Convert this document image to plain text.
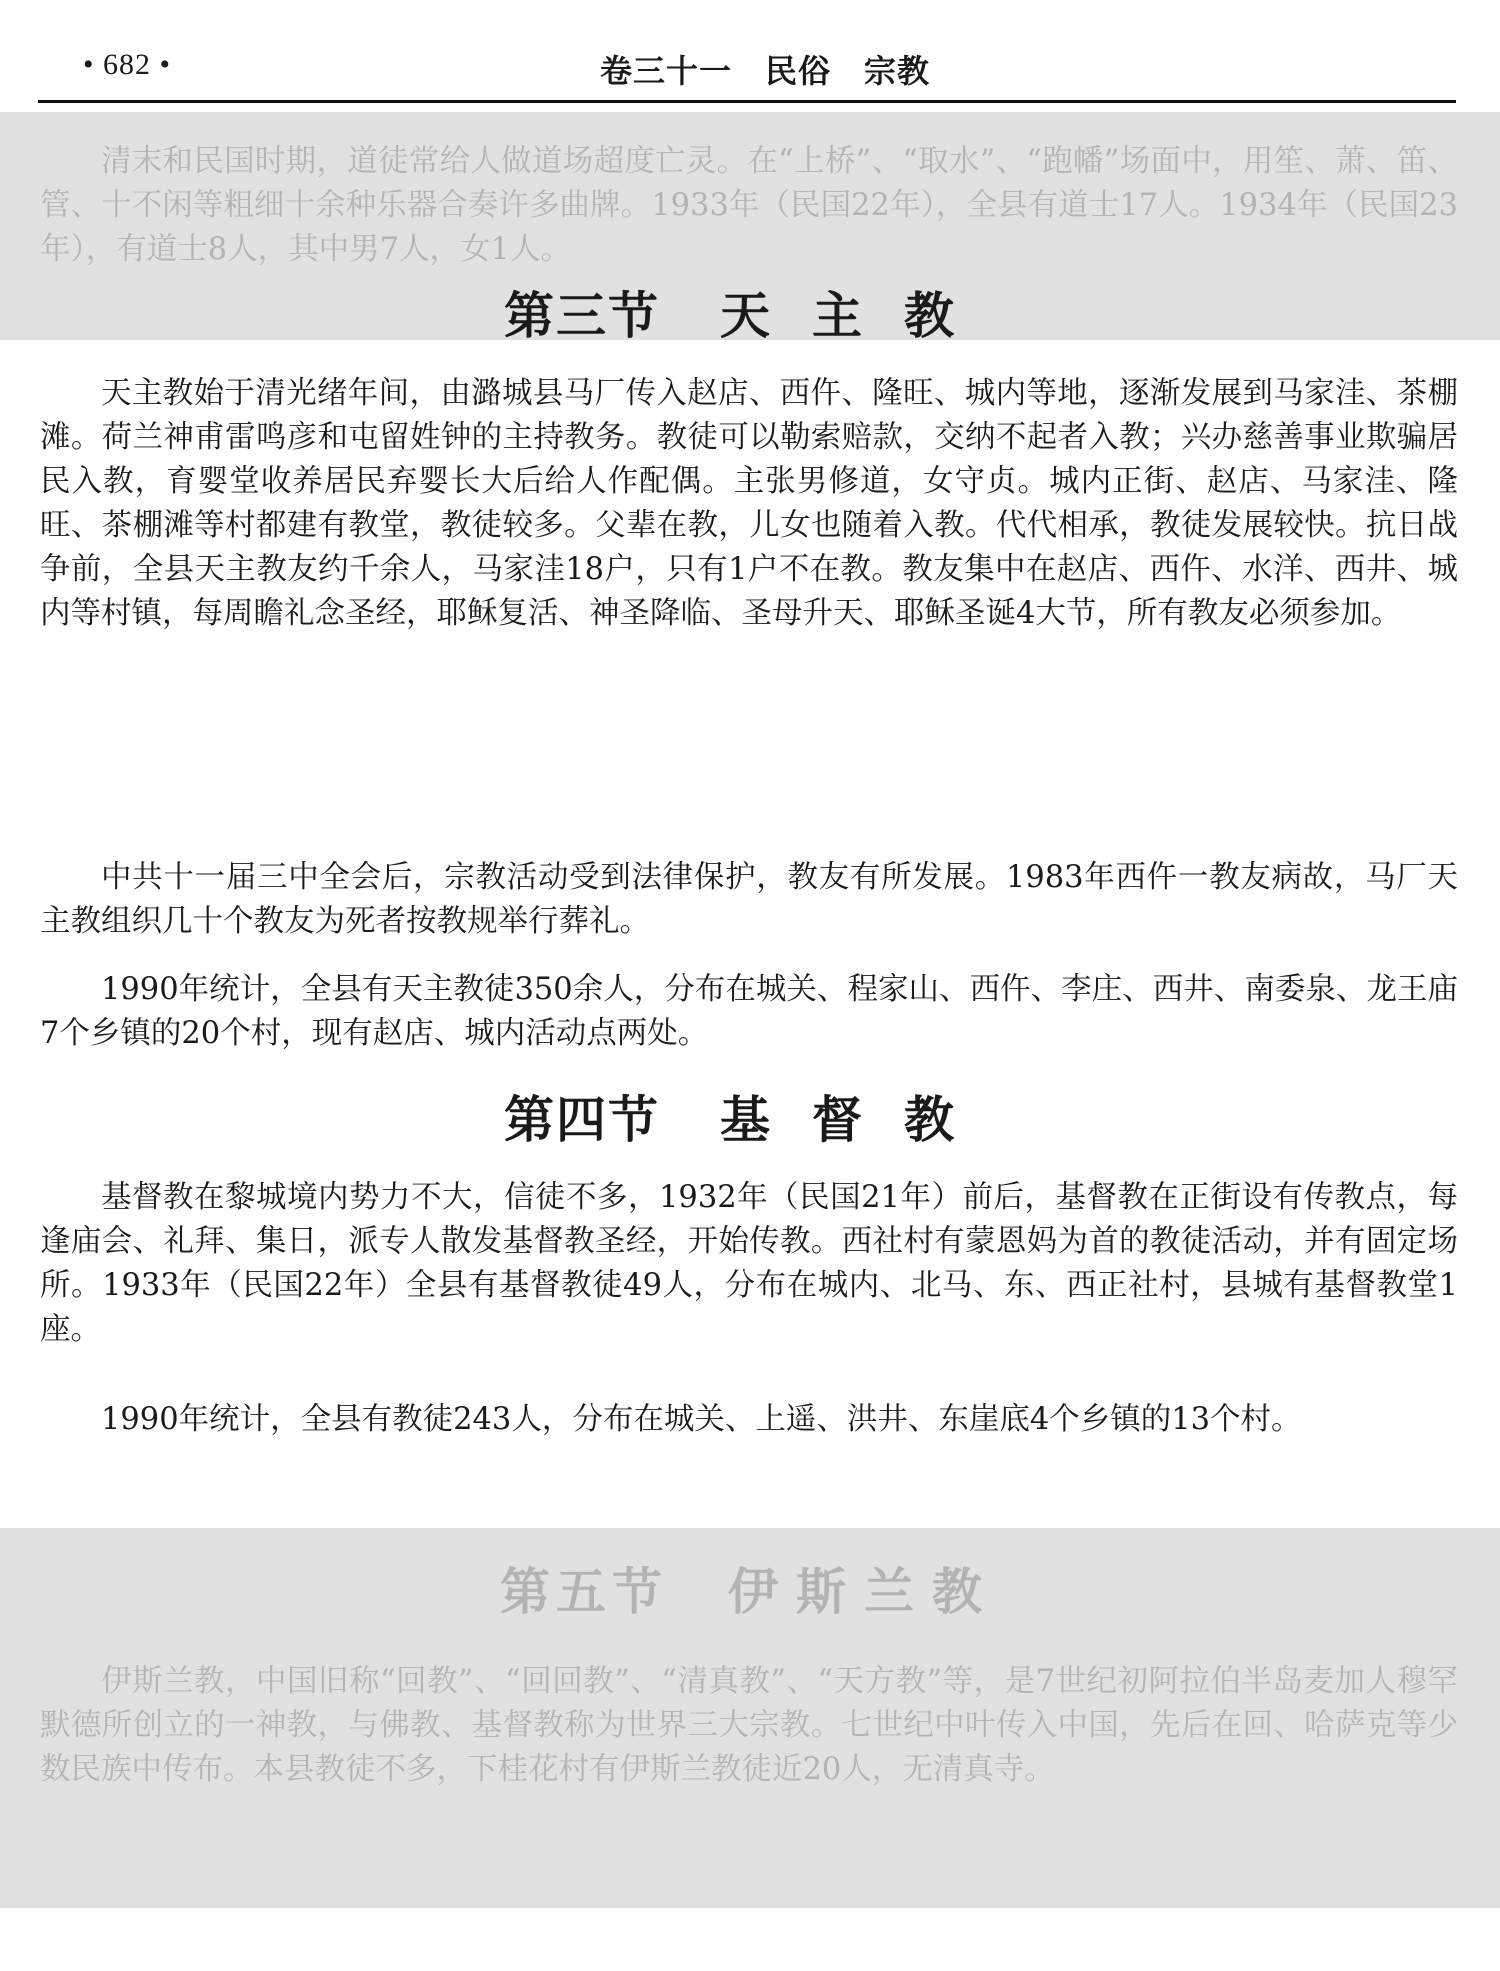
• 682 •	卷三十一　民俗　宗教

清末和民国时期，道徒常给人做道场超度亡灵。在“上桥”、“取水”、“跑幡”场面中，用笙、萧、笛、管、十不闲等粗细十余种乐器合奏许多曲牌。1933年（民国22年），全县有道士17人。1934年（民国23年），有道士8人，其中男7人，女1人。

第三节 天主教

天主教始于清光绪年间，由潞城县马厂传入赵店、西仵、隆旺、城内等地，逐渐发展到马家洼、茶棚滩。荷兰神甫雷鸣彦和屯留姓钟的主持教务。教徒可以勒索赔款，交纳不起者入教；兴办慈善事业欺骗居民入教，育婴堂收养居民弃婴长大后给人作配偶。主张男修道，女守贞。城内正街、赵店、马家洼、隆旺、茶棚滩等村都建有教堂，教徒较多。父辈在教，儿女也随着入教。代代相承，教徒发展较快。抗日战争前，全县天主教友约千余人，马家洼18户，只有1户不在教。教友集中在赵店、西仵、水洋、西井、城内等村镇，每周瞻礼念圣经，耶稣复活、神圣降临、圣母升天、耶稣圣诞4大节，所有教友必须参加。

中共十一届三中全会后，宗教活动受到法律保护，教友有所发展。1983年西仵一教友病故，马厂天主教组织几十个教友为死者按教规举行葬礼。

1990年统计，全县有天主教徒350余人，分布在城关、程家山、西仵、李庄、西井、南委泉、龙王庙7个乡镇的20个村，现有赵店、城内活动点两处。

第四节 基督教

基督教在黎城境内势力不大，信徒不多，1932年（民国21年）前后，基督教在正街设有传教点，每逢庙会、礼拜、集日，派专人散发基督教圣经，开始传教。西社村有蒙恩妈为首的教徒活动，并有固定场所。1933年（民国22年）全县有基督教徒49人，分布在城内、北马、东、西正社村，县城有基督教堂1座。

1990年统计，全县有教徒243人，分布在城关、上遥、洪井、东崖底4个乡镇的13个村。

第五节 伊斯兰教

伊斯兰教，中国旧称“回教”、“回回教”、“清真教”、“天方教”等，是7世纪初阿拉伯半岛麦加人穆罕默德所创立的一神教，与佛教、基督教称为世界三大宗教。七世纪中叶传入中国，先后在回、哈萨克等少数民族中传布。本县教徒不多，下桂花村有伊斯兰教徒近20人，无清真寺。
